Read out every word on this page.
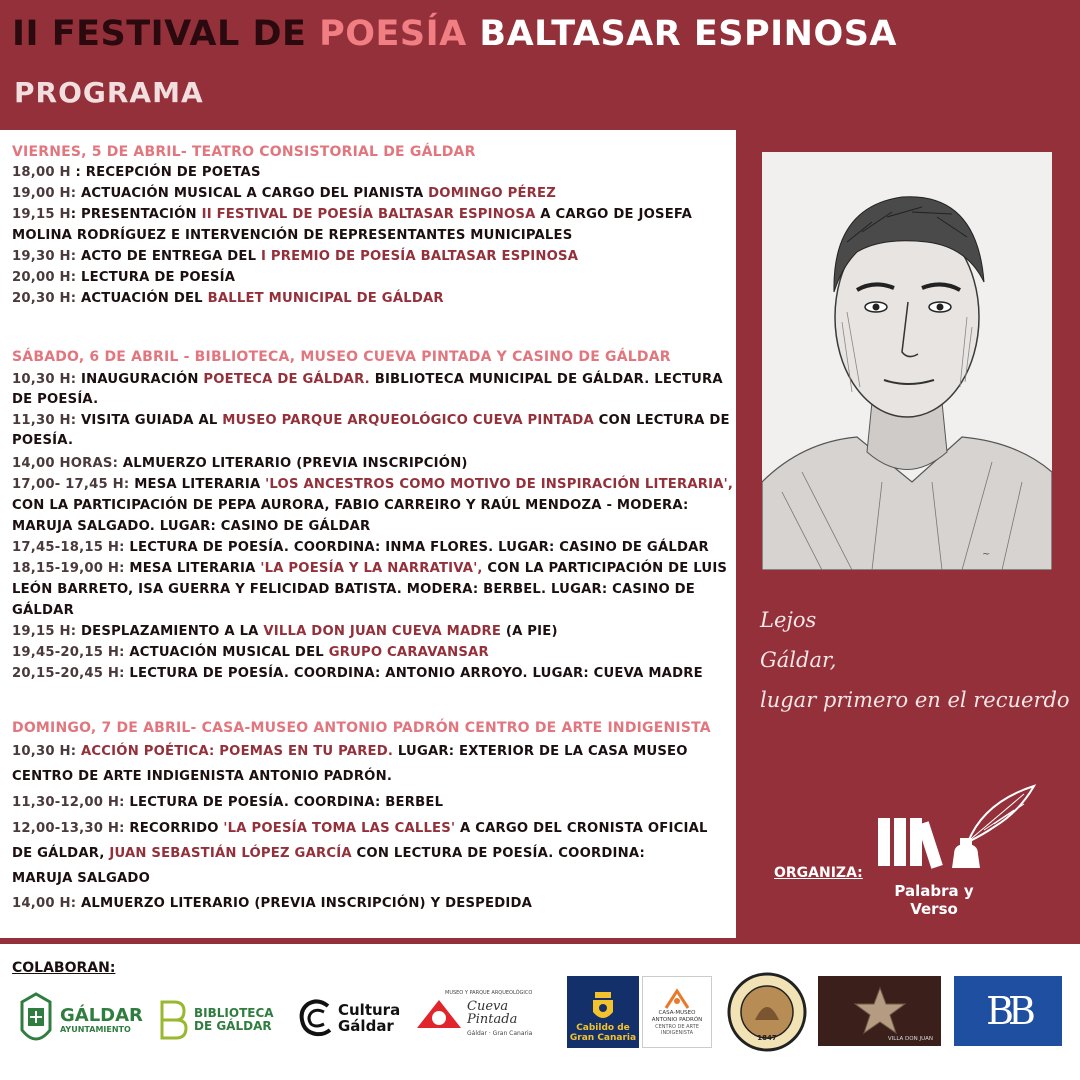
II FESTIVAL DE POESÍA BALTASAR ESPINOSA
PROGRAMA
VIERNES, 5 DE ABRIL- TEATRO CONSISTORIAL DE GÁLDAR
18,00 H : RECEPCIÓN DE POETAS
19,00 H: ACTUACIÓN MUSICAL A CARGO DEL PIANISTA DOMINGO PÉREZ
19,15 H: PRESENTACIÓN II FESTIVAL DE POESÍA BALTASAR ESPINOSA A CARGO DE JOSEFA
MOLINA RODRÍGUEZ E INTERVENCIÓN DE REPRESENTANTES MUNICIPALES
19,30 H: ACTO DE ENTREGA DEL I PREMIO DE POESÍA BALTASAR ESPINOSA
20,00 H: LECTURA DE POESÍA
20,30 H: ACTUACIÓN DEL BALLET MUNICIPAL DE GÁLDAR
SÁBADO, 6 DE ABRIL - BIBLIOTECA, MUSEO CUEVA PINTADA Y CASINO DE GÁLDAR
10,30 H: INAUGURACIÓN POETECA DE GÁLDAR. BIBLIOTECA MUNICIPAL DE GÁLDAR. LECTURA
DE POESÍA.
11,30 H: VISITA GUIADA AL MUSEO PARQUE ARQUEOLÓGICO CUEVA PINTADA CON LECTURA DE
POESÍA.
14,00 HORAS: ALMUERZO LITERARIO (PREVIA INSCRIPCIÓN)
17,00- 17,45 H: MESA LITERARIA 'LOS ANCESTROS COMO MOTIVO DE INSPIRACIÓN LITERARIA',
CON LA PARTICIPACIÓN DE PEPA AURORA, FABIO CARREIRO Y RAÚL MENDOZA - MODERA:
MARUJA SALGADO. LUGAR: CASINO DE GÁLDAR
17,45-18,15 H: LECTURA DE POESÍA. COORDINA: INMA FLORES. LUGAR: CASINO DE GÁLDAR
18,15-19,00 H: MESA LITERARIA 'LA POESÍA Y LA NARRATIVA', CON LA PARTICIPACIÓN DE LUIS
LEÓN BARRETO, ISA GUERRA Y FELICIDAD BATISTA. MODERA: BERBEL. LUGAR: CASINO DE
GÁLDAR
19,15 H: DESPLAZAMIENTO A LA VILLA DON JUAN CUEVA MADRE (A PIE)
19,45-20,15 H: ACTUACIÓN MUSICAL DEL GRUPO CARAVANSAR
20,15-20,45 H: LECTURA DE POESÍA. COORDINA: ANTONIO ARROYO. LUGAR: CUEVA MADRE
DOMINGO, 7 DE ABRIL- CASA-MUSEO ANTONIO PADRÓN CENTRO DE ARTE INDIGENISTA
10,30 H: ACCIÓN POÉTICA: POEMAS EN TU PARED. LUGAR: EXTERIOR DE LA CASA MUSEO
CENTRO DE ARTE INDIGENISTA ANTONIO PADRÓN.
11,30-12,00 H: LECTURA DE POESÍA. COORDINA: BERBEL
12,00-13,30 H: RECORRIDO 'LA POESÍA TOMA LAS CALLES' A CARGO DEL CRONISTA OFICIAL
DE GÁLDAR, JUAN SEBASTIÁN LÓPEZ GARCÍA CON LECTURA DE POESÍA. COORDINA:
MARUJA SALGADO
14,00 H: ALMUERZO LITERARIO (PREVIA INSCRIPCIÓN) Y DESPEDIDA
~
Lejos
Gáldar,
lugar primero en el recuerdo
ORGANIZA:
Palabra y Verso
COLABORAN:
GÁLDAR
AYUNTAMIENTO
BIBLIOTECA
DE GÁLDAR
Cultura
Gáldar
MUSEO Y PARQUE ARQUEOLÓGICO
Cueva
Pintada
Gáldar · Gran Canaria
Cabildo de
Gran Canaria
CASA-MUSEO
ANTONIO PADRÓN
CENTRO DE ARTE
INDIGENISTA
1847	VILLA DON JUAN
BB
